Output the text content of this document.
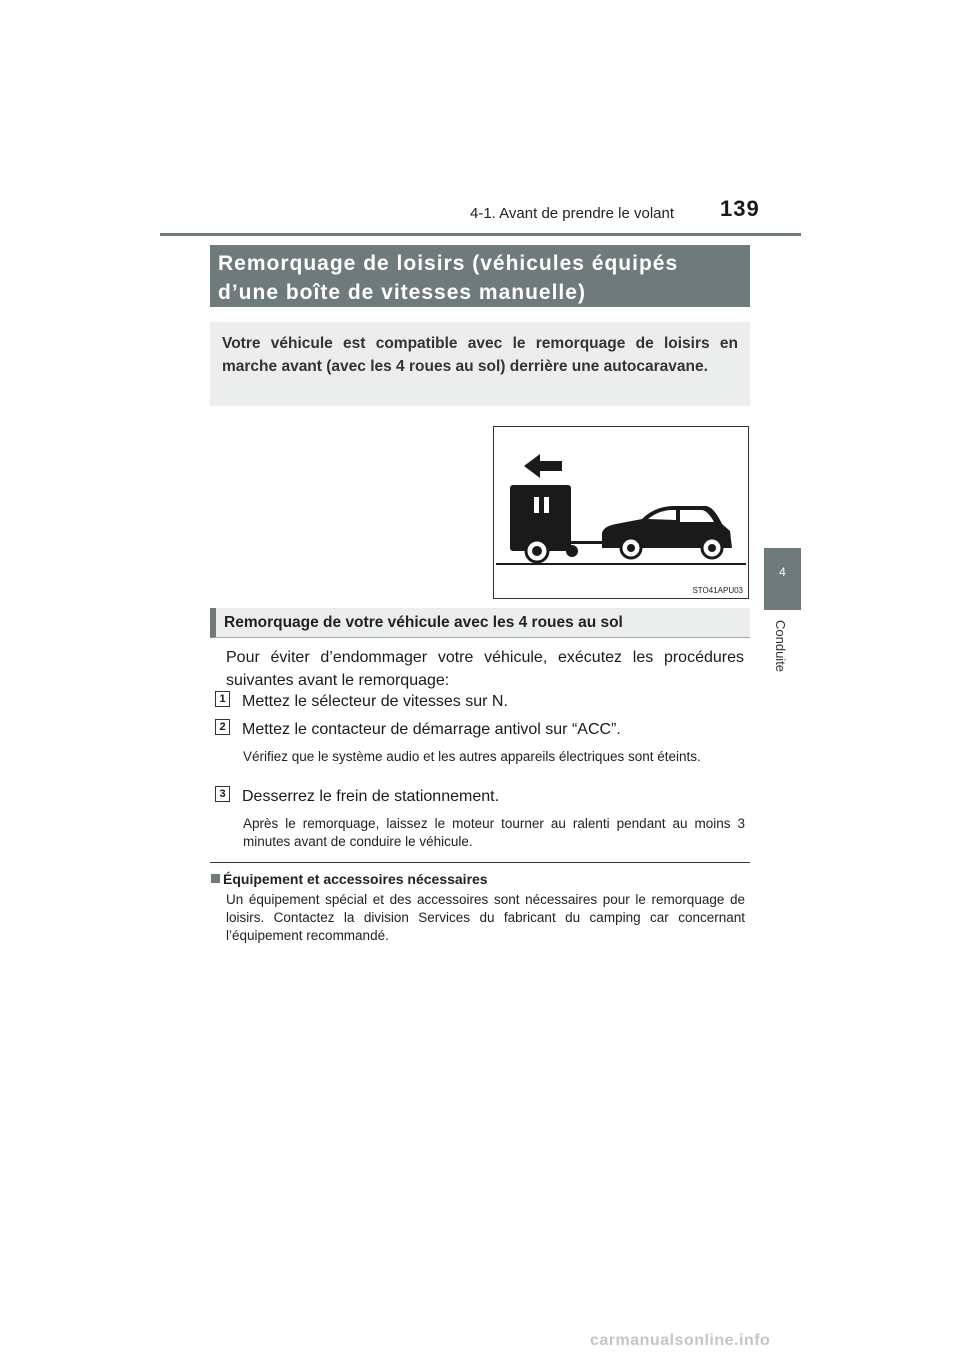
4-1. Avant de prendre le volant 139
4
Conduite
Remorquage de loisirs (véhicules équipés
d’une boîte de vitesses manuelle)
Votre véhicule est compatible avec le remorquage de loisirs en marche avant (avec les 4 roues au sol) derrière une autocaravane.
STO41APU03
Remorquage de votre véhicule avec les 4 roues au sol
Pour éviter d’endommager votre véhicule, exécutez les procédures suivantes avant le remorquage:
1 Mettez le sélecteur de vitesses sur N.
2 Mettez le contacteur de démarrage antivol sur “ACC”.
Vérifiez que le système audio et les autres appareils électriques sont éteints.
3 Desserrez le frein de stationnement.
Après le remorquage, laissez le moteur tourner au ralenti pendant au moins 3 minutes avant de conduire le véhicule.
Équipement et accessoires nécessaires
Un équipement spécial et des accessoires sont nécessaires pour le remorquage de loisirs. Contactez la division Services du fabricant du camping car concernant l’équipement recommandé.
carmanualsonline.info
